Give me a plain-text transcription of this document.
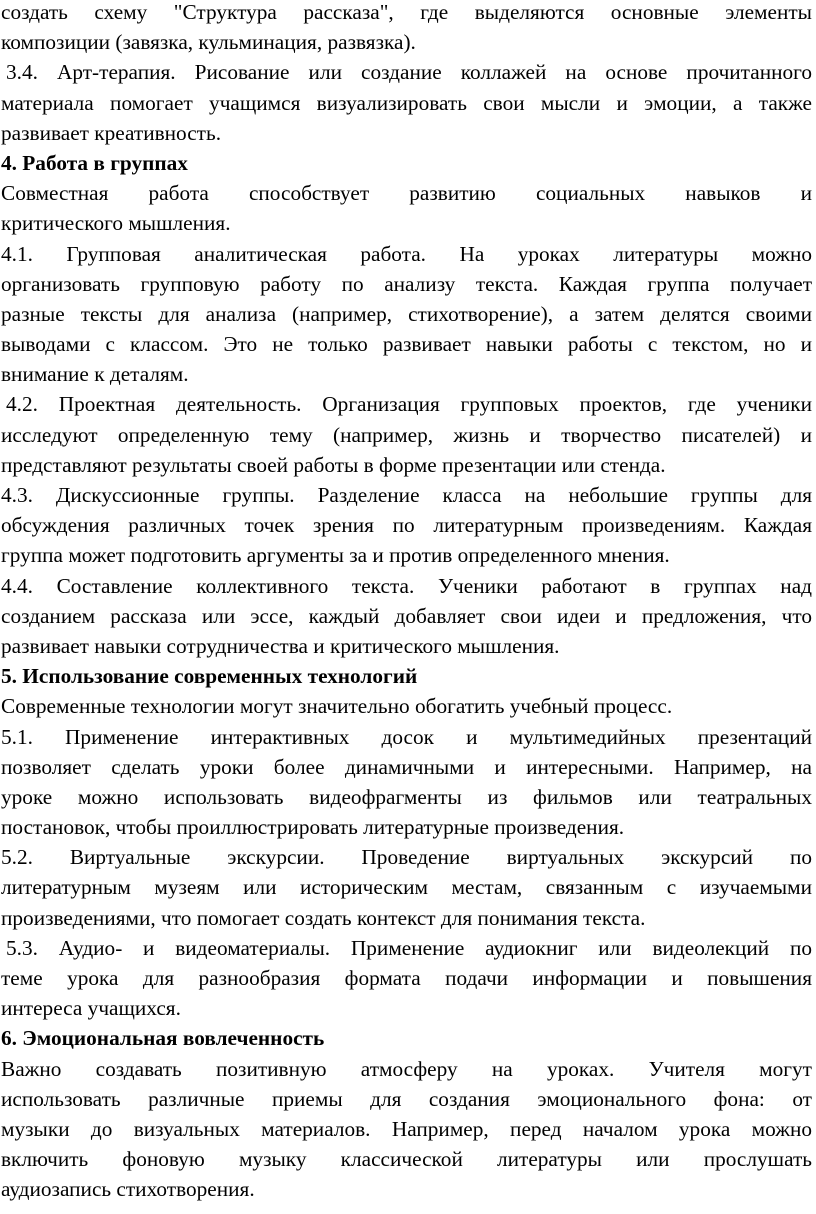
создать схему "Структура рассказа", где выделяются основные элементы
композиции (завязка, кульминация, развязка).
3.4. Арт-терапия. Рисование или создание коллажей на основе прочитанного
материала помогает учащимся визуализировать свои мысли и эмоции, а также
развивает креативность.
4. Работа в группах
Совместная работа способствует развитию социальных навыков и
критического мышления.
4.1. Групповая аналитическая работа. На уроках литературы можно
организовать групповую работу по анализу текста. Каждая группа получает
разные тексты для анализа (например, стихотворение), а затем делятся своими
выводами с классом. Это не только развивает навыки работы с текстом, но и
внимание к деталям.
4.2. Проектная деятельность. Организация групповых проектов, где ученики
исследуют определенную тему (например, жизнь и творчество писателей) и
представляют результаты своей работы в форме презентации или стенда.
4.3. Дискуссионные группы. Разделение класса на небольшие группы для
обсуждения различных точек зрения по литературным произведениям. Каждая
группа может подготовить аргументы за и против определенного мнения.
4.4. Составление коллективного текста. Ученики работают в группах над
созданием рассказа или эссе, каждый добавляет свои идеи и предложения, что
развивает навыки сотрудничества и критического мышления.
5. Использование современных технологий
Современные технологии могут значительно обогатить учебный процесс.
5.1. Применение интерактивных досок и мультимедийных презентаций
позволяет сделать уроки более динамичными и интересными. Например, на
уроке можно использовать видеофрагменты из фильмов или театральных
постановок, чтобы проиллюстрировать литературные произведения.
5.2. Виртуальные экскурсии. Проведение виртуальных экскурсий по
литературным музеям или историческим местам, связанным с изучаемыми
произведениями, что помогает создать контекст для понимания текста.
5.3. Аудио- и видеоматериалы. Применение аудиокниг или видеолекций по
теме урока для разнообразия формата подачи информации и повышения
интереса учащихся.
6. Эмоциональная вовлеченность
Важно создавать позитивную атмосферу на уроках. Учителя могут
использовать различные приемы для создания эмоционального фона: от
музыки до визуальных материалов. Например, перед началом урока можно
включить фоновую музыку классической литературы или прослушать
аудиозапись стихотворения.
